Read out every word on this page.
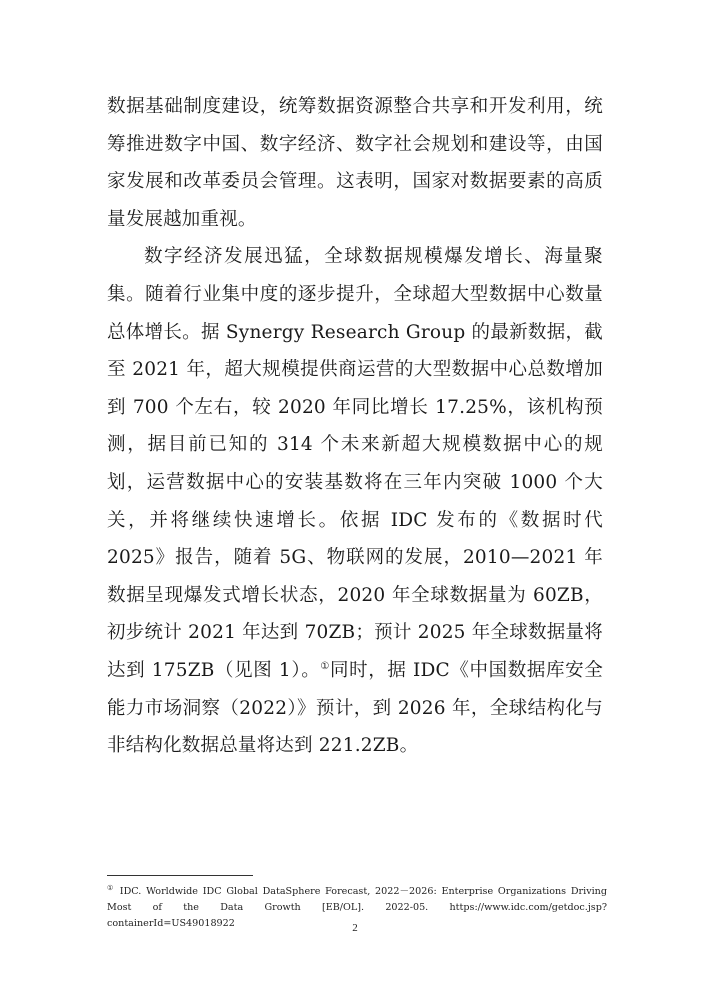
数据基础制度建设，统筹数据资源整合共享和开发利用，统筹推进数字中国、数字经济、数字社会规划和建设等，由国家发展和改革委员会管理。这表明，国家对数据要素的高质量发展越加重视。

数字经济发展迅猛，全球数据规模爆发增长、海量聚集。随着行业集中度的逐步提升，全球超大型数据中心数量总体增长。据 Synergy Research Group 的最新数据，截至 2021 年，超大规模提供商运营的大型数据中心总数增加到 700 个左右，较 2020 年同比增长 17.25%，该机构预测，据目前已知的 314 个未来新超大规模数据中心的规划，运营数据中心的安装基数将在三年内突破 1000 个大关，并将继续快速增长。依据 IDC 发布的《数据时代 2025》报告，随着 5G、物联网的发展，2010—2021 年数据呈现爆发式增长状态，2020 年全球数据量为 60ZB，初步统计 2021 年达到 70ZB；预计 2025 年全球数据量将达到 175ZB（见图 1）。①同时，据 IDC《中国数据库安全能力市场洞察（2022）》预计，到 2026 年，全球结构化与非结构化数据总量将达到 221.2ZB。

① IDC. Worldwide IDC Global DataSphere Forecast, 2022－2026: Enterprise Organizations Driving Most of the Data Growth [EB/OL]. 2022-05. https://www.idc.com/getdoc.jsp?containerId=US49018922	2
